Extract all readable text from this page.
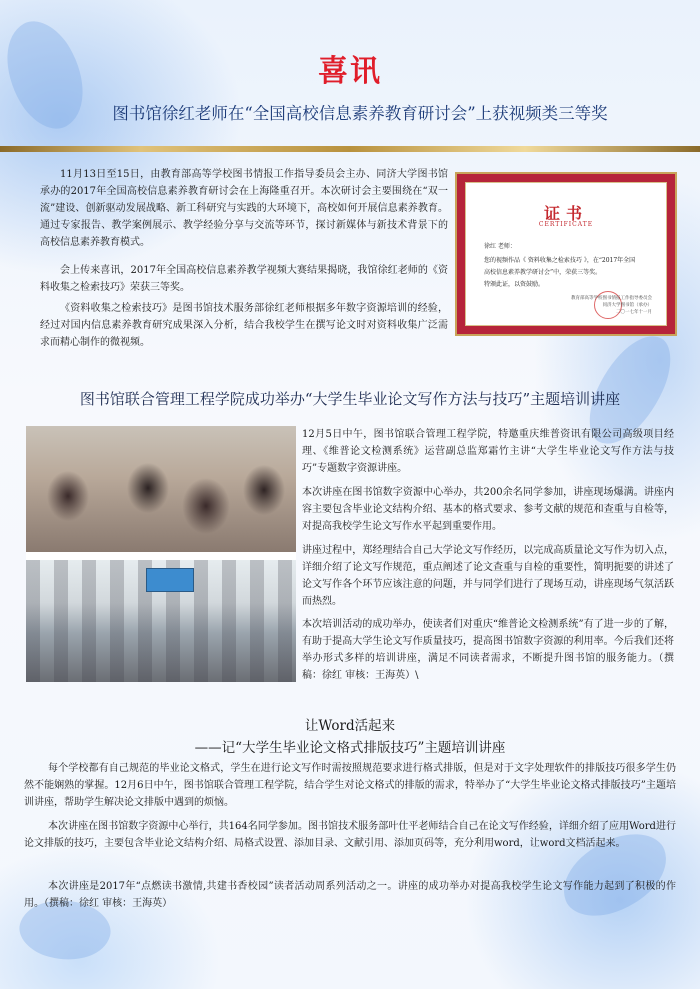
喜讯
图书馆徐红老师在“全国高校信息素养教育研讨会”上获视频类三等奖

11月13日至15日，由教育部高等学校图书情报工作指导委员会主办、同济大学图书馆承办的2017年全国高校信息素养教育研讨会在上海隆重召开。本次研讨会主要围绕在“双一流”建设、创新驱动发展战略、新工科研究与实践的大环境下，高校如何开展信息素养教育。通过专家报告、教学案例展示、教学经验分享与交流等环节，探讨新媒体与新技术背景下的高校信息素养教育模式。

会上传来喜讯，2017年全国高校信息素养教学视频大赛结果揭晓，我馆徐红老师的《资料收集之检索技巧》荣获三等奖。

《资料收集之检索技巧》是图书馆技术服务部徐红老师根据多年数字资源培训的经验，经过对国内信息素养教育研究成果深入分析，结合我校学生在撰写论文时对资料收集广泛需求而精心制作的微视频。

证书
CERTIFICATE
徐红 老师：
您的视频作品《 资料收集之检索技巧 》，在“2017年全国
高校信息素养教学研讨会”中，荣获三等奖。
特颁此证，以资鼓励。
教育部高等学校图书情报工作指导委员会
同济大学图书馆（承办）
二〇一七年十一月
图书馆联合管理工程学院成功举办“大学生毕业论文写作方法与技巧”主题培训讲座

12月5日中午，图书馆联合管理工程学院，特邀重庆维普资讯有限公司高级项目经理、《维普论文检测系统》运营副总监郑霜竹主讲“大学生毕业论文写作方法与技巧”专题数字资源讲座。

本次讲座在图书馆数字资源中心举办，共200余名同学参加，讲座现场爆满。讲座内容主要包含毕业论文结构介绍、基本的格式要求、参考文献的规范和查重与自检等，对提高我校学生论文写作水平起到重要作用。

讲座过程中，郑经理结合自己大学论文写作经历，以完成高质量论文写作为切入点，详细介绍了论文写作规范，重点阐述了论文查重与自检的重要性，简明扼要的讲述了论文写作各个环节应该注意的问题，并与同学们进行了现场互动，讲座现场气氛活跃而热烈。

本次培训活动的成功举办，使读者们对重庆“维普论文检测系统”有了进一步的了解，有助于提高大学生论文写作质量技巧，提高图书馆数字资源的利用率。今后我们还将举办形式多样的培训讲座，满足不同读者需求，不断提升图书馆的服务能力。（撰稿：徐红 审核：王海英）\

让Word活起来
——记“大学生毕业论文格式排版技巧”主题培训讲座

每个学校都有自己规范的毕业论文格式，学生在进行论文写作时需按照规范要求进行格式排版，但是对于文字处理软件的排版技巧很多学生仍然不能娴熟的掌握。12月6日中午，图书馆联合管理工程学院，结合学生对论文格式的排版的需求，特举办了“大学生毕业论文格式排版技巧”主题培训讲座，帮助学生解决论文排版中遇到的烦恼。

本次讲座在图书馆数字资源中心举行，共164名同学参加。图书馆技术服务部叶仕平老师结合自己在论文写作经验，详细介绍了应用Word进行论文排版的技巧，主要包含毕业论文结构介绍、局格式设置、添加目录、文献引用、添加页码等，充分利用word，让word文档活起来。

本次讲座是2017年“点燃读书激情,共建书香校园”读者活动周系列活动之一。讲座的成功举办对提高我校学生论文写作能力起到了积极的作用。（撰稿：徐红 审核：王海英）
